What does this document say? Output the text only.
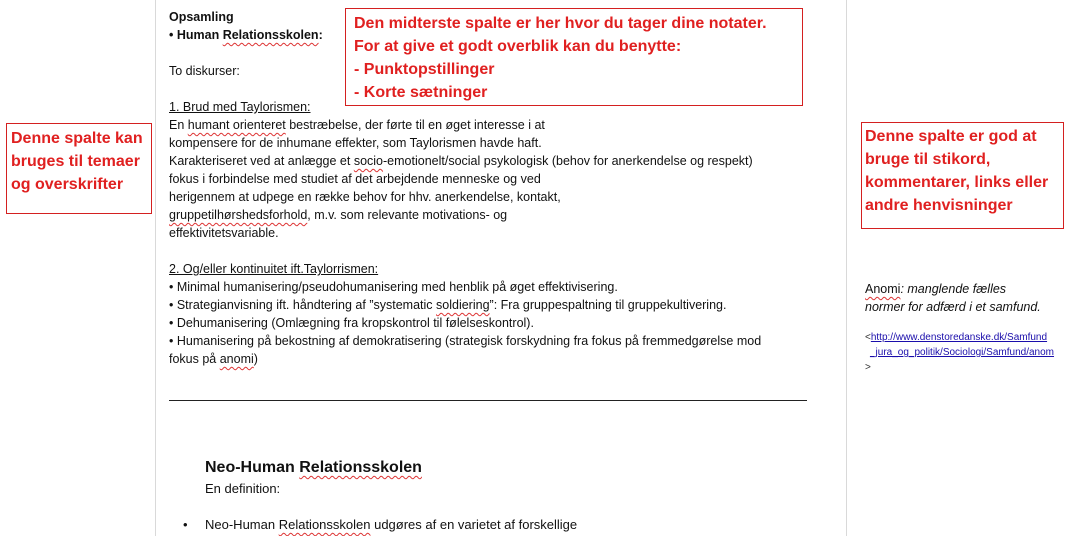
Denne spalte kan
bruges til temaer
og overskrifter
Opsamling
• Human Relationsskolen:
To diskurser:
1. Brud med Taylorismen:
En humant orienteret bestræbelse, der førte til en øget interesse i at
kompensere for de inhumane effekter, som Taylorismen havde haft.
Karakteriseret ved at anlægge et socio-emotionelt/social psykologisk (behov for anerkendelse og respekt)
fokus i forbindelse med studiet af det arbejdende menneske og ved
herigennem at udpege en række behov for hhv. anerkendelse, kontakt,
gruppetilhørshedsforhold, m.v. som relevante motivations- og
effektivitetsvariable.
2. Og/eller kontinuitet ift.Taylorrismen:
• Minimal humanisering/pseudohumanisering med henblik på øget effektivisering.
• Strategianvisning ift. håndtering af ”systematic soldiering”: Fra gruppespaltning til gruppekultivering.
• Dehumanisering (Omlægning fra kropskontrol til følelseskontrol).
• Humanisering på bekostning af demokratisering (strategisk forskydning fra fokus på fremmedgørelse mod
fokus på anomi)
Neo-Human Relationsskolen
En definition:
• Neo-Human Relationsskolen udgøres af en varietet af forskellige
Den midterste spalte er her hvor du tager dine notater.
For at give et godt overblik kan du benytte:
- Punktopstillinger
- Korte sætninger
Denne spalte er god at
bruge til stikord,
kommentarer, links eller
andre henvisninger
Anomi: manglende fælles
normer for adfærd i et samfund.
<http://www.denstoredanske.dk/Samfund
_jura_og_politik/Sociologi/Samfund/anom
>
